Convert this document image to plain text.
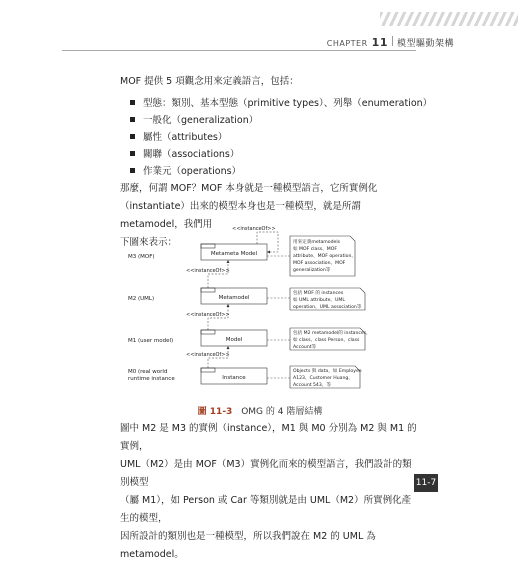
CHAPTER 11 模型驅動架構
MOF 提供 5 項觀念用來定義語言，包括：
型態：類別、基本型態（primitive types）、列舉（enumeration）
一般化（generalization）
屬性（attributes）
關聯（associations）
作業元（operations）
那麼，何謂 MOF？MOF 本身就是一種模型語言，它所實例化
（instantiate）出來的模型本身也是一種模型，就是所謂 metamodel，我們用
下圖來表示：
M3 (MOF)
M2 (UML)
M1 (user model)
M0 (real world
runtime instance
Metameta Model
Metamodel
Model
Instance
<<instanceOf>>
<<instanceOf>>
<<instanceOf>>
<<instanceOf>>
用來定義metamodels
如 MOF class、MOF
attribute、MOF operation、
MOF association、MOF
generalization等
包括 MOF 的 instances
如 UML attribute、UML
operation、UML association等
包括 M2 metamodel的 instances，
如 class、class Person、class
Account等
Objects 與 data，如 Employee
A123、Customer Huang、
Account 543、等
圖 11-3 OMG 的 4 階層結構
圖中 M2 是 M3 的實例（instance），M1 與 M0 分別為 M2 與 M1 的實例，
UML（M2）是由 MOF（M3）實例化而來的模型語言，我們設計的類別模型
（屬 M1），如 Person 或 Car 等類別就是由 UML（M2）所實例化產生的模型，
因所設計的類別也是一種模型，所以我們說在 M2 的 UML 為 metamodel。
11-7
